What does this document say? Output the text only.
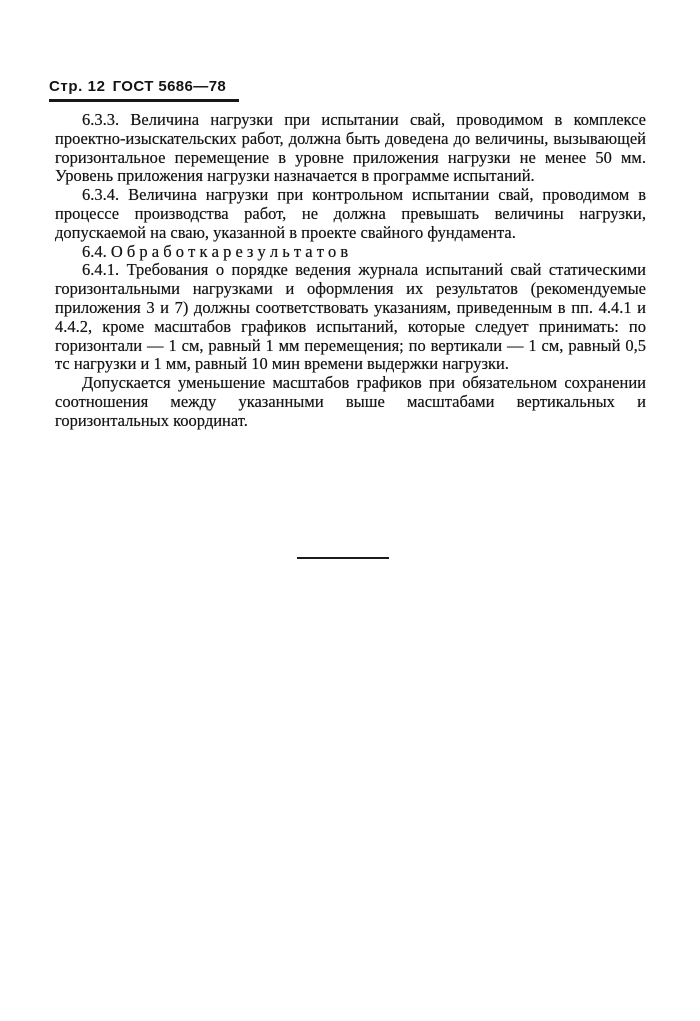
Стр. 12 ГОСТ 5686—78

6.3.3. Величина нагрузки при испытании свай, проводимом в комплексе проектно-изыскательских работ, должна быть доведена до величины, вызывающей горизонтальное перемещение в уровне приложения нагрузки не менее 50 мм. Уровень приложения нагрузки назначается в программе испытаний.

6.3.4. Величина нагрузки при контрольном испытании свай, проводимом в процессе производства работ, не должна превышать величины нагрузки, допускаемой на сваю, указанной в проекте свайного фундамента.

6.4. О б р а б о т к а р е з у л ь т а т о в

6.4.1. Требования о порядке ведения журнала испытаний свай статическими горизонтальными нагрузками и оформления их результатов (рекомендуемые приложения 3 и 7) должны соответствовать указаниям, приведенным в пп. 4.4.1 и 4.4.2, кроме масштабов графиков испытаний, которые следует принимать: по горизонтали — 1 см, равный 1 мм перемещения; по вертикали — 1 см, равный 0,5 тс нагрузки и 1 мм, равный 10 мин времени выдержки нагрузки.

Допускается уменьшение масштабов графиков при обязательном сохранении соотношения между указанными выше масштабами вертикальных и горизонтальных координат.
